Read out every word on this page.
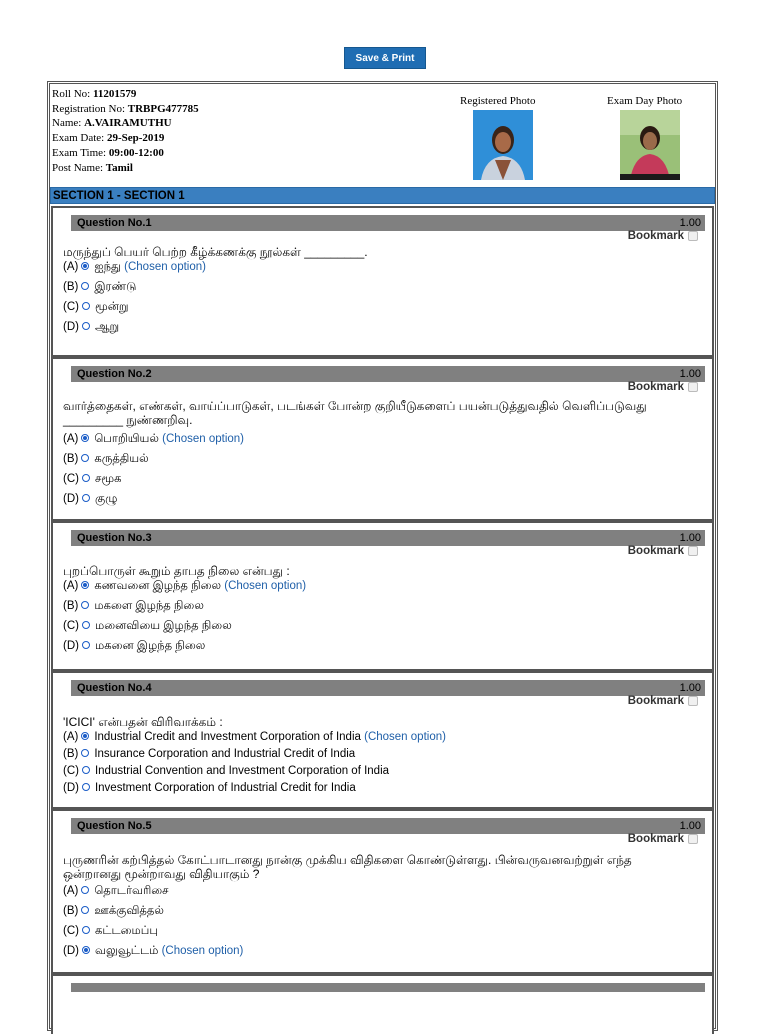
Save & Print
Roll No: 11201579
Registration No: TRBPG477785
Name: A.VAIRAMUTHU
Exam Date: 29-Sep-2019
Exam Time: 09:00-12:00
Post Name: Tamil
Registered Photo	Exam Day Photo
SECTION 1 - SECTION 1
Question No.1	1.00
Bookmark
மருந்துப் பெயர் பெற்ற கீழ்க்கணக்கு நூல்கள் _________.
(A) ஐந்து (Chosen option)
(B) இரண்டு
(C) மூன்று
(D) ஆறு
Question No.2	1.00
Bookmark
வார்த்தைகள், எண்கள், வாய்ப்பாடுகள், படங்கள் போன்ற குறியீடுகளைப் பயன்படுத்துவதில் வெளிப்படுவது _________ நுண்ணறிவு.
(A) பொறியியல் (Chosen option)
(B) கருத்தியல்
(C) சமூக
(D) குழு
Question No.3	1.00
Bookmark
புறப்பொருள் கூறும் தாபத நிலை என்பது :
(A) கணவனை இழந்த நிலை (Chosen option)
(B) மகளை இழந்த நிலை
(C) மனைவியை இழந்த நிலை
(D) மகனை இழந்த நிலை
Question No.4	1.00
Bookmark
'ICICI' என்பதன் விரிவாக்கம் :
(A) Industrial Credit and Investment Corporation of India (Chosen option)
(B) Insurance Corporation and Industrial Credit of India
(C) Industrial Convention and Investment Corporation of India
(D) Investment Corporation of Industrial Credit for India
Question No.5	1.00
Bookmark
புருணரின் கற்பித்தல் கோட்பாடானது நான்கு முக்கிய விதிகளை கொண்டுள்ளது. பின்வருவனவற்றுள் எந்த ஒன்றானது மூன்றாவது விதியாகும் ?
(A) தொடர்வரிசை
(B) ஊக்குவித்தல்
(C) கட்டமைப்பு
(D) வலுவூட்டம் (Chosen option)
